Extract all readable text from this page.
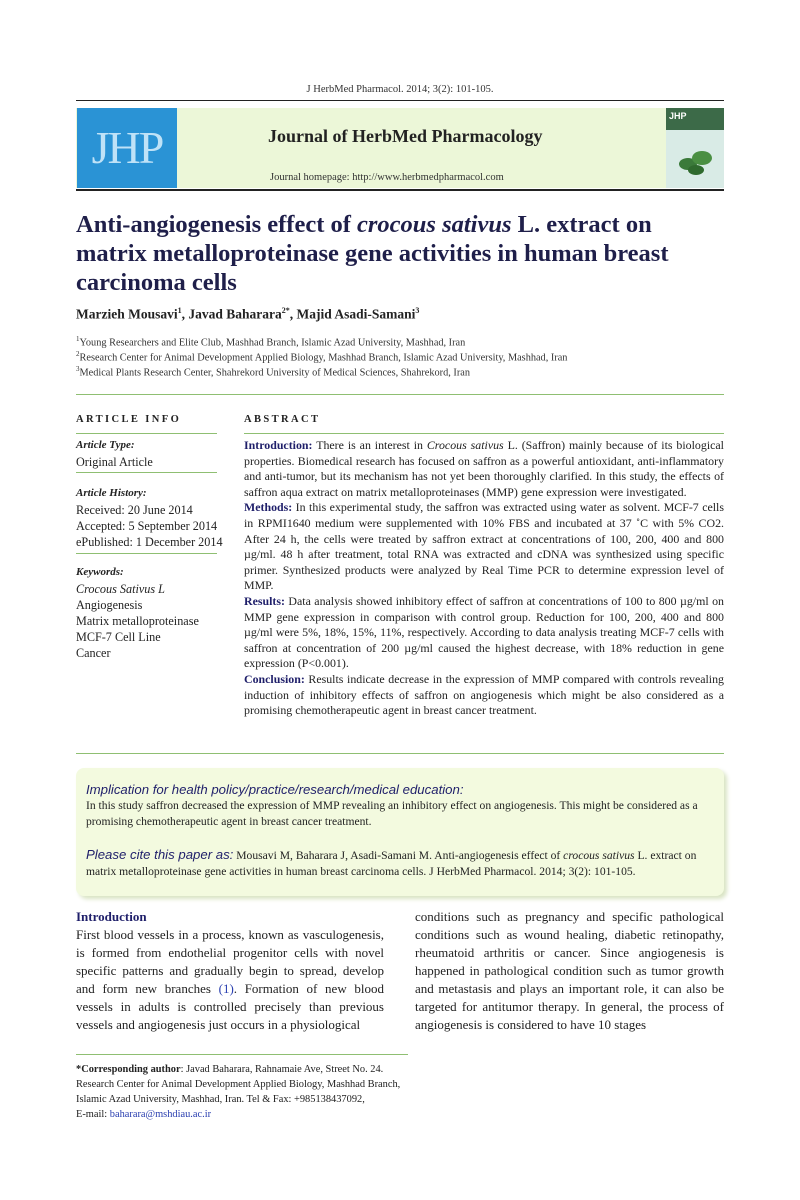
J HerbMed Pharmacol. 2014; 3(2): 101-105.
JHP	Journal of HerbMed Pharmacology
Journal homepage: http://www.herbmedpharmacol.com
JHP
Anti-angiogenesis effect of crocous sativus L. extract on matrix metalloproteinase gene activities in human breast carcinoma cells
Marzieh Mousavi$^1$, Javad Baharara$^{2*}$, Majid Asadi-Samani$^3$
$^1$Young Researchers and Elite Club, Mashhad Branch, Islamic Azad University, Mashhad, Iran
$^2$Research Center for Animal Development Applied Biology, Mashhad Branch, Islamic Azad University, Mashhad, Iran
$^3$Medical Plants Research Center, Shahrekord University of Medical Sciences, Shahrekord, Iran
ARTICLE INFO
Article Type:
Original Article
Article History:
Received: 20 June 2014
Accepted: 5 September 2014
ePublished: 1 December 2014
Keywords:
Crocous Sativus L
Angiogenesis
Matrix metalloproteinase
MCF-7 Cell Line
Cancer
ABSTRACT

Introduction: There is an interest in Crocous sativus L. (Saffron) mainly because of its biological properties. Biomedical research has focused on saffron as a powerful antioxidant, anti-inflammatory and anti-tumor, but its mechanism has not yet been thoroughly clarified. In this study, the effects of saffron aqua extract on matrix metalloproteinases (MMP) gene expression were investigated.

Methods: In this experimental study, the saffron was extracted using water as solvent. MCF-7 cells in RPMI1640 medium were supplemented with 10% FBS and incubated at 37 ˚C with 5% CO2. After 24 h, the cells were treated by saffron extract at concentrations of 100, 200, 400 and 800 µg/ml. 48 h after treatment, total RNA was extracted and cDNA was synthesized using specific primer. Synthesized products were analyzed by Real Time PCR to determine expression level of MMP.

Results: Data analysis showed inhibitory effect of saffron at concentrations of 100 to 800 µg/ml on MMP gene expression in comparison with control group. Reduction for 100, 200, 400 and 800 µg/ml were 5%, 18%, 15%, 11%, respectively. According to data analysis treating MCF-7 cells with saffron at concentration of 200 µg/ml caused the highest decrease, with 18% reduction in gene expression (P<0.001).

Conclusion: Results indicate decrease in the expression of MMP compared with controls revealing induction of inhibitory effects of saffron on angiogenesis which might be also considered as a promising chemotherapeutic agent in breast cancer treatment.

Implication for health policy/practice/research/medical education:
In this study saffron decreased the expression of MMP revealing an inhibitory effect on angiogenesis. This might be considered as a promising chemotherapeutic agent in breast cancer treatment.
Please cite this paper as: Mousavi M, Baharara J, Asadi-Samani M. Anti-angiogenesis effect of crocous sativus L. extract on matrix metalloproteinase gene activities in human breast carcinoma cells. J HerbMed Pharmacol. 2014; 3(2): 101-105.
Introduction
First blood vessels in a process, known as vasculogenesis, is formed from endothelial progenitor cells with novel specific patterns and gradually begin to spread, develop and form new branches (1). Formation of new blood vessels in adults is controlled precisely than previous vessels and angiogenesis just occurs in a physiological
conditions such as pregnancy and specific pathological conditions such as wound healing, diabetic retinopathy, rheumatoid arthritis or cancer. Since angiogenesis is happened in pathological condition such as tumor growth and metastasis and plays an important role, it can also be targeted for antitumor therapy. In general, the process of angiogenesis is considered to have 10 stages
*Corresponding author: Javad Baharara, Rahnamaie Ave, Street No. 24. Research Center for Animal Development Applied Biology, Mashhad Branch, Islamic Azad University, Mashhad, Iran. Tel & Fax: +985138437092,
E-mail: baharara@mshdiau.ac.ir
